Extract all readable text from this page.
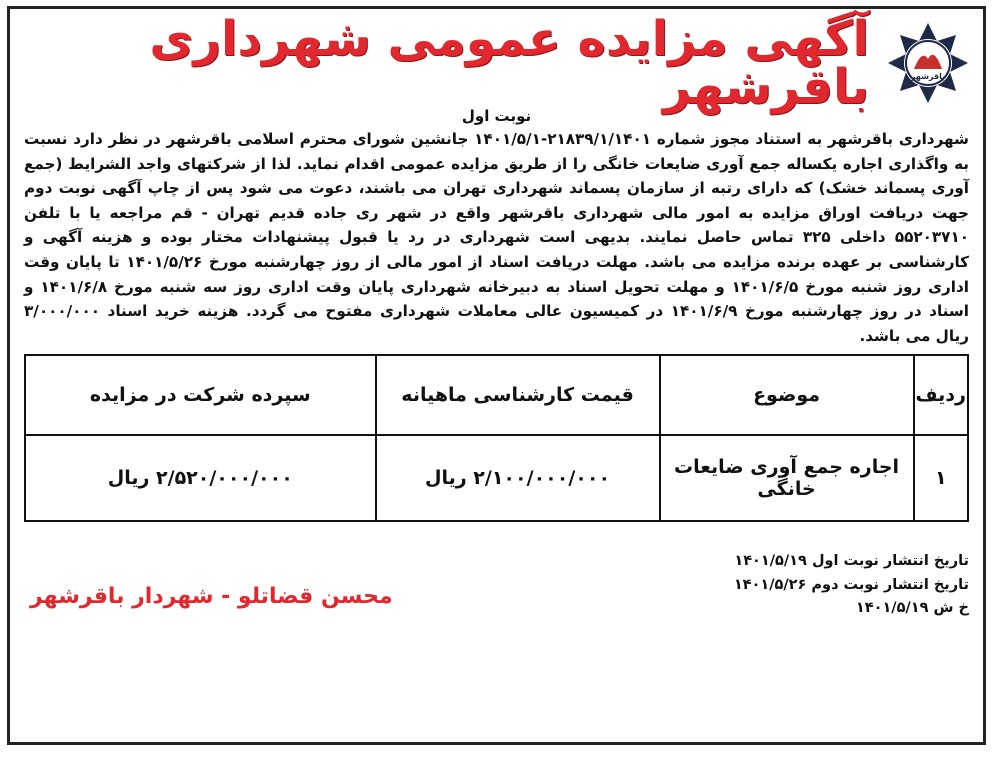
باقرشهر
آگهی مزایده عمومی شهرداری باقرشهر
نوبت اول

شهرداری باقرشهر به استناد مجوز شماره ۲۱۸۳۹/۱/۱۴۰۱-۱۴۰۱/۵/۱ جانشین شورای محترم اسلامی باقرشهر در نظر دارد نسبت به واگذاری اجاره یکساله جمع آوری ضایعات خانگی را از طریق مزایده عمومی اقدام نماید. لذا از شرکتهای واجد الشرایط (جمع آوری پسماند خشک) که دارای رتبه از سازمان پسماند شهرداری تهران می باشند، دعوت می شود پس از چاپ آگهی نوبت دوم جهت دریافت اوراق مزایده به امور مالی شهرداری باقرشهر واقع در شهر ری جاده قدیم تهران - قم مراجعه یا با تلفن ۵۵۲۰۳۷۱۰ داخلی ۳۲۵ تماس حاصل نمایند. بدیهی است شهرداری در رد یا قبول پیشنهادات مختار بوده و هزینه آگهی و کارشناسی بر عهده برنده مزایده می باشد. مهلت دریافت اسناد از امور مالی از روز چهارشنبه مورخ ۱۴۰۱/۵/۲۶ تا پایان وقت اداری روز شنبه مورخ ۱۴۰۱/۶/۵ و مهلت تحویل اسناد به دبیرخانه شهرداری پایان وقت اداری روز سه شنبه مورخ ۱۴۰۱/۶/۸ و اسناد در روز چهارشنبه مورخ ۱۴۰۱/۶/۹ در کمیسیون عالی معاملات شهرداری مفتوح می گردد. هزینه خرید اسناد ۳/۰۰۰/۰۰۰ ریال می باشد.

ردیف	موضوع	قیمت کارشناسی ماهیانه	سپرده شرکت در مزایده
۱	اجاره جمع آوری ضایعات خانگی	۲/۱۰۰/۰۰۰/۰۰۰ ریال	۲/۵۲۰/۰۰۰/۰۰۰ ریال
تاریخ انتشار نوبت اول ۱۴۰۱/۵/۱۹
تاریخ انتشار نوبت دوم ۱۴۰۱/۵/۲۶
خ ش ۱۴۰۱/۵/۱۹
محسن قضاتلو - شهردار باقرشهر
